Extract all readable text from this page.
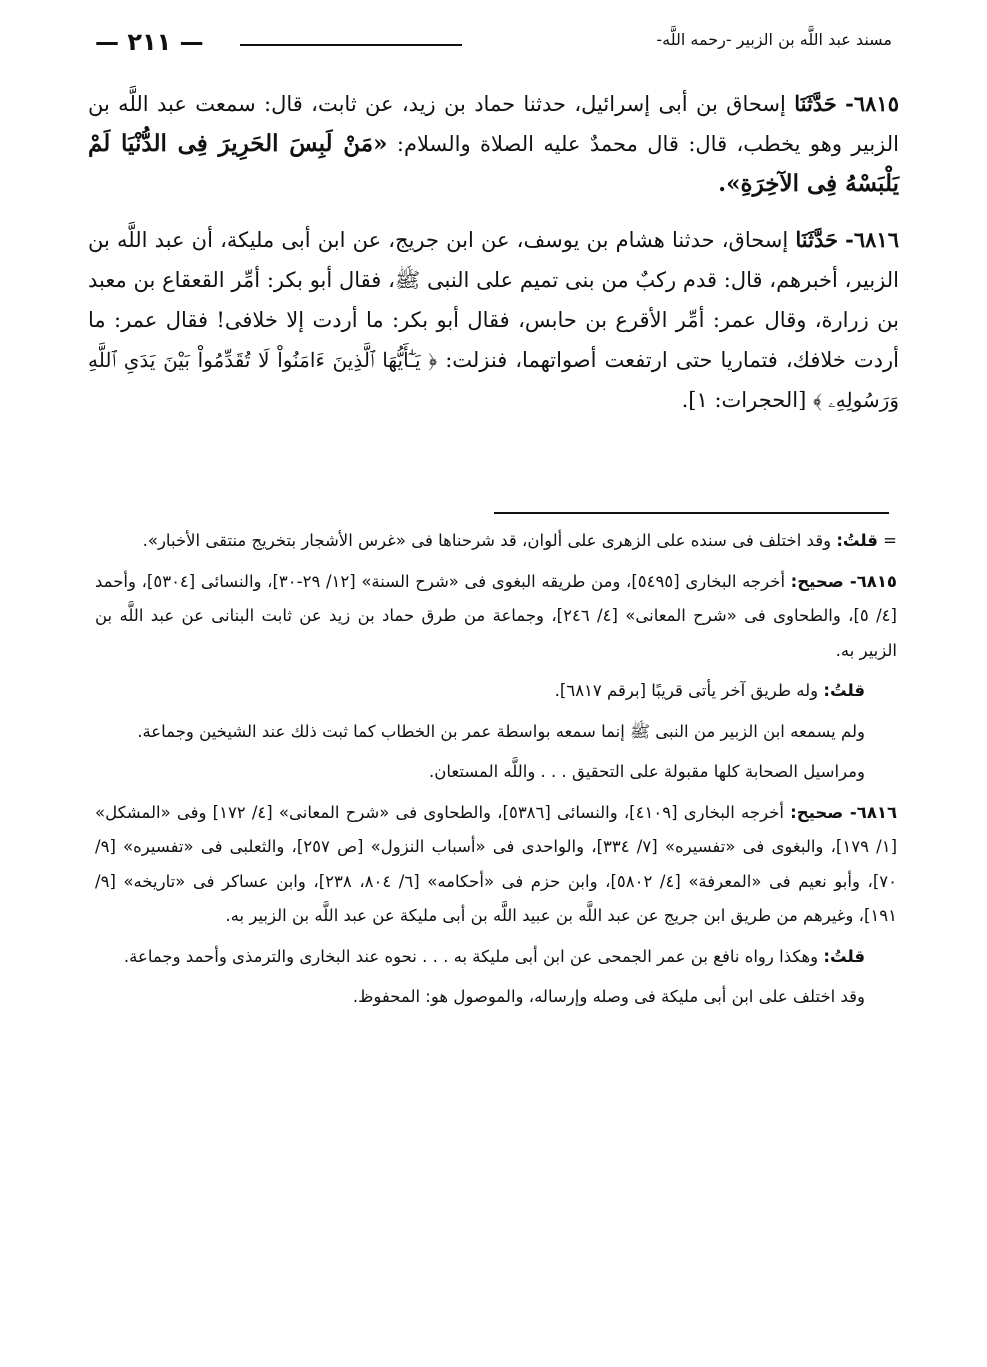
مسند عبد اللَّه بن الزبير -رحمه اللَّه-
— ٢١١ —

٦٨١٥- حَدَّثَنَا إسحاق بن أبى إسرائيل، حدثنا حماد بن زيد، عن ثابت، قال: سمعت عبد اللَّه بن الزبير وهو يخطب، قال: قال محمدٌ عليه الصلاة والسلام: «مَنْ لَبِسَ الحَرِيرَ فِى الدُّنْيَا لَمْ يَلْبَسْهُ فِى الآخِرَةِ».

٦٨١٦- حَدَّثَنَا إسحاق، حدثنا هشام بن يوسف، عن ابن جريج، عن ابن أبى مليكة، أن عبد اللَّه بن الزبير، أخبرهم، قال: قدم ركبٌ من بنى تميم على النبى ﷺ، فقال أبو بكر: أمِّر القعقاع بن معبد بن زرارة، وقال عمر: أمِّر الأقرع بن حابس، فقال أبو بكر: ما أردت إلا خلافى! فقال عمر: ما أردت خلافك، فتماريا حتى ارتفعت أصواتهما، فنزلت: ﴿ يَـٰٓأَيُّهَا ٱلَّذِينَ ءَامَنُواْ لَا تُقَدِّمُواْ بَيْنَ يَدَىِ ٱللَّهِ وَرَسُولِهِۦ ﴾ [الحجرات: ١].

= قلتُ: وقد اختلف فى سنده على الزهرى على ألوان، قد شرحناها فى «غرس الأشجار بتخريج منتقى الأخبار».

٦٨١٥- صحيح: أخرجه البخارى [٥٤٩٥]، ومن طريقه البغوى فى «شرح السنة» [١٢/ ٢٩-٣٠]، والنسائى [٥٣٠٤]، وأحمد [٤/ ٥]، والطحاوى فى «شرح المعانى» [٤/ ٢٤٦]، وجماعة من طرق حماد بن زيد عن ثابت البنانى عن عبد اللَّه بن الزبير به.

قلتُ: وله طريق آخر يأتى قريبًا [برقم ٦٨١٧].

ولم يسمعه ابن الزبير من النبى ﷺ إنما سمعه بواسطة عمر بن الخطاب كما ثبت ذلك عند الشيخين وجماعة.

ومراسيل الصحابة كلها مقبولة على التحقيق . . . واللَّه المستعان.

٦٨١٦- صحيح: أخرجه البخارى [٤١٠٩]، والنسائى [٥٣٨٦]، والطحاوى فى «شرح المعانى» [٤/ ١٧٢] وفى «المشكل» [١/ ١٧٩]، والبغوى فى «تفسيره» [٧/ ٣٣٤]، والواحدى فى «أسباب النزول» [ص ٢٥٧]، والثعلبى فى «تفسيره» [٩/ ٧٠]، وأبو نعيم فى «المعرفة» [٤/ ٥٨٠٢]، وابن حزم فى «أحكامه» [٦/ ٨٠٤، ٢٣٨]، وابن عساكر فى «تاريخه» [٩/ ١٩١]، وغيرهم من طريق ابن جريج عن عبد اللَّه بن عبيد اللَّه بن أبى مليكة عن عبد اللَّه بن الزبير به.

قلتُ: وهكذا رواه نافع بن عمر الجمحى عن ابن أبى مليكة به . . . نحوه عند البخارى والترمذى وأحمد وجماعة.

وقد اختلف على ابن أبى مليكة فى وصله وإرساله، والموصول هو: المحفوظ.
